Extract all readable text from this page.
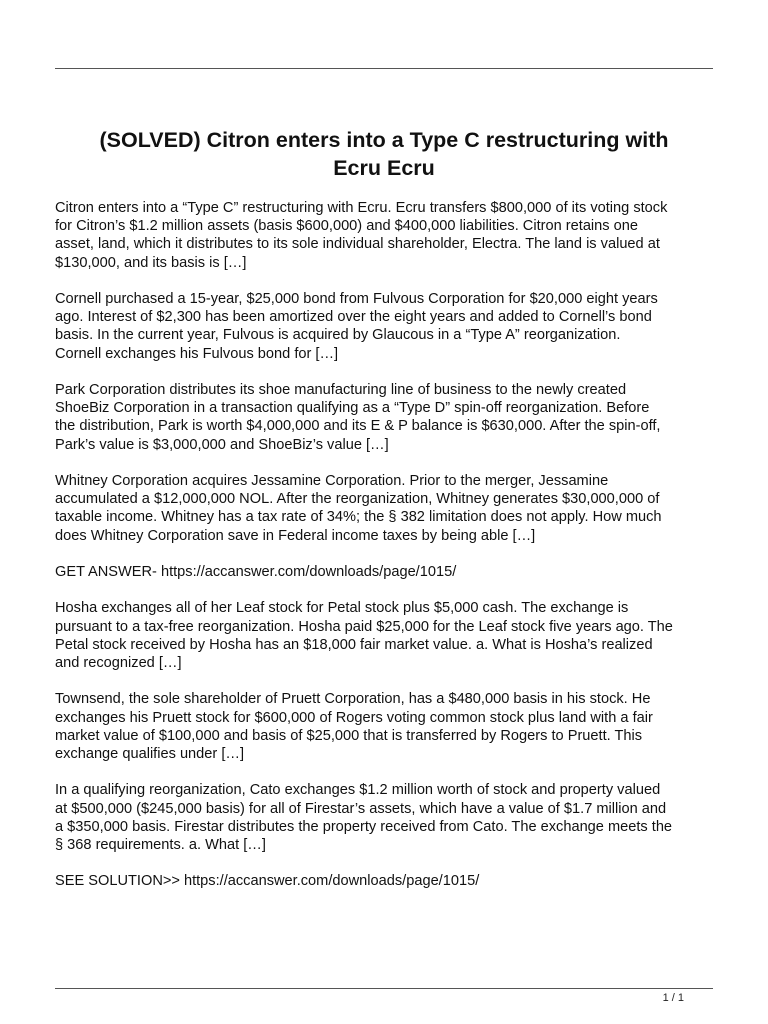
(SOLVED) Citron enters into a Type C restructuring with
Ecru Ecru

Citron enters into a “Type C” restructuring with Ecru. Ecru transfers $800,000 of its voting stock
for Citron’s $1.2 million assets (basis $600,000) and $400,000 liabilities. Citron retains one
asset, land, which it distributes to its sole individual shareholder, Electra. The land is valued at
$130,000, and its basis is […]

Cornell purchased a 15-year, $25,000 bond from Fulvous Corporation for $20,000 eight years
ago. Interest of $2,300 has been amortized over the eight years and added to Cornell’s bond
basis. In the current year, Fulvous is acquired by Glaucous in a “Type A” reorganization.
Cornell exchanges his Fulvous bond for […]

Park Corporation distributes its shoe manufacturing line of business to the newly created
ShoeBiz Corporation in a transaction qualifying as a “Type D” spin-off reorganization. Before
the distribution, Park is worth $4,000,000 and its E & P balance is $630,000. After the spin-off,
Park’s value is $3,000,000 and ShoeBiz’s value […]

Whitney Corporation acquires Jessamine Corporation. Prior to the merger, Jessamine
accumulated a $12,000,000 NOL. After the reorganization, Whitney generates $30,000,000 of
taxable income. Whitney has a tax rate of 34%; the § 382 limitation does not apply. How much
does Whitney Corporation save in Federal income taxes by being able […]

GET ANSWER- https://accanswer.com/downloads/page/1015/

Hosha exchanges all of her Leaf stock for Petal stock plus $5,000 cash. The exchange is
pursuant to a tax-free reorganization. Hosha paid $25,000 for the Leaf stock five years ago. The
Petal stock received by Hosha has an $18,000 fair market value. a. What is Hosha’s realized
and recognized […]

Townsend, the sole shareholder of Pruett Corporation, has a $480,000 basis in his stock. He
exchanges his Pruett stock for $600,000 of Rogers voting common stock plus land with a fair
market value of $100,000 and basis of $25,000 that is transferred by Rogers to Pruett. This
exchange qualifies under […]

In a qualifying reorganization, Cato exchanges $1.2 million worth of stock and property valued
at $500,000 ($245,000 basis) for all of Firestar’s assets, which have a value of $1.7 million and
a $350,000 basis. Firestar distributes the property received from Cato. The exchange meets the
§ 368 requirements. a. What […]

SEE SOLUTION>> https://accanswer.com/downloads/page/1015/

1 / 1
